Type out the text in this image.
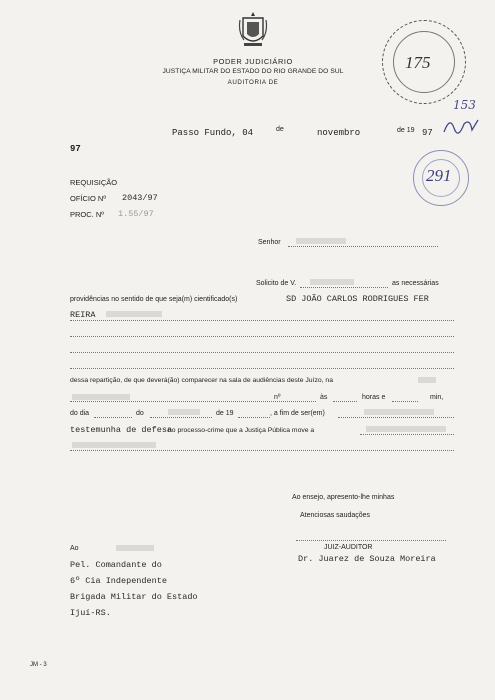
PODER JUDICIÁRIO
JUSTIÇA MILITAR DO ESTADO DO RIO GRANDE DO SUL
AUDITORIA DE
175
153
291
Passo Fundo, 04	de	novembro	de 19 97
97
REQUISIÇÃO
OFÍCIO Nº 2043/97
PROC. Nº 1.55/97
Senhor
Solicito de V.	as necessárias
providências no sentido de que seja(m) cientificado(s)	SD JOÃO CARLOS RODRIGUES FER
REIRA
dessa repartição, de que deverá(ão) comparecer na sala de audiências deste Juízo, na
nº	às	horas e	min,
do dia	do	de 19	, a fim de ser(em)
testemunha de defesa
no processo-crime que a Justiça Pública move a
Ao ensejo, apresento-lhe minhas
Atenciosas saudações
Ao
Pel. Comandante do
6º Cia Independente
Brigada Militar do Estado
Ijuí-RS.
JUIZ-AUDITOR
Dr. Juarez de Souza Moreira
JM - 3
